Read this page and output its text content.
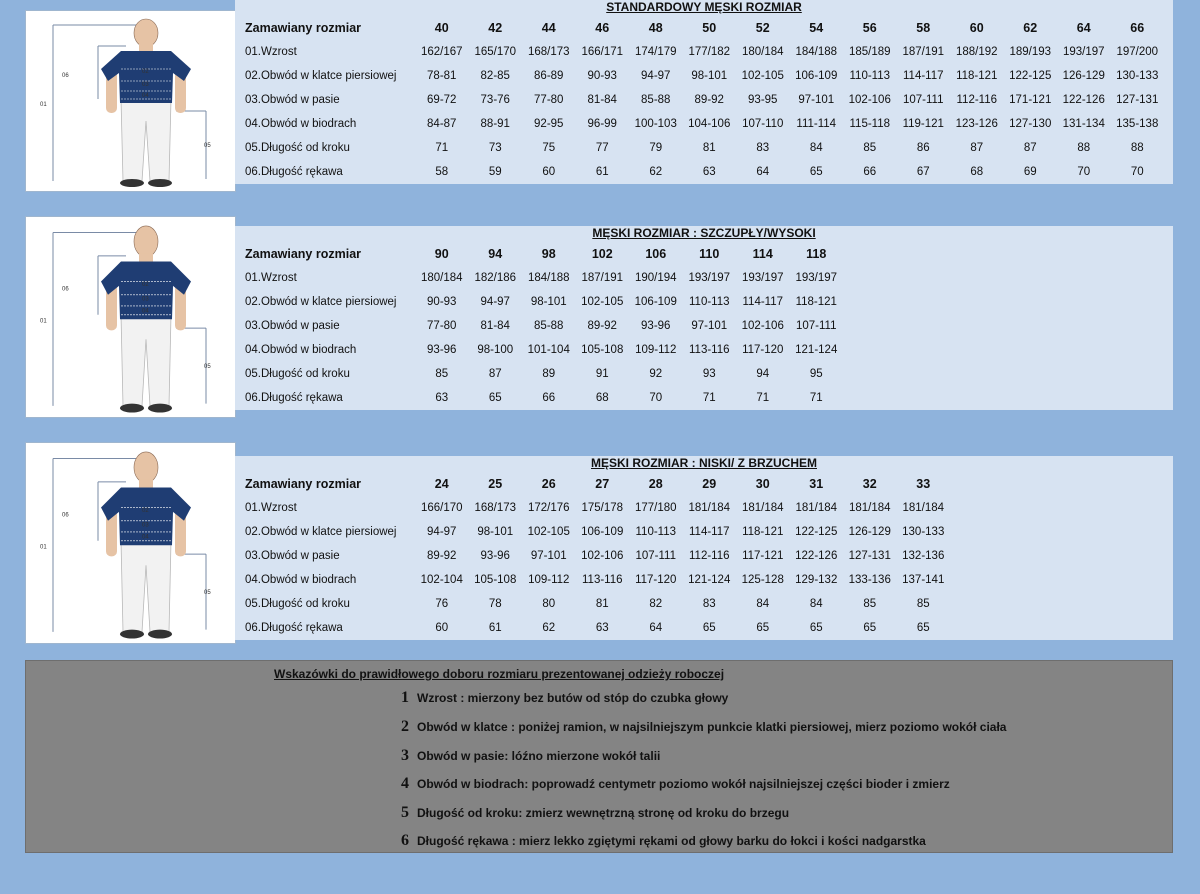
01
06
05
02
03
04
STANDARDOWY MĘSKI ROZMIAR
Zamawiany rozmiar	40	42	44	46	48	50	52	54	56	58	60	62	64	66
01.Wzrost	162/167	165/170	168/173	166/171	174/179	177/182	180/184	184/188	185/189	187/191	188/192	189/193	193/197	197/200
02.Obwód w klatce piersiowej	78-81	82-85	86-89	90-93	94-97	98-101	102-105 106-109	110-113	114-117	118-121	122-125 126-129 130-133
03.Obwód w pasie	69-72	73-76	77-80	81-84	85-88	89-92	93-95	97-101	102-106	107-111	112-116	171-121 122-126 127-131
04.Obwód w biodrach	84-87	88-91	92-95	96-99	100-103 104-106	107-110	111-114	115-118	119-121	123-126 127-130 131-134 135-138
05.Długość od kroku	71	73	75	77	79	81	83	84	85	86	87	87	88	88
06.Długość rękawa	58	59	60	61	62	63	64	65	66	67	68	69	70	70
01
06
05
02
03
04
MĘSKI ROZMIAR : SZCZUPŁY/WYSOKI
Zamawiany rozmiar	90	94	98	102	106	110	114	118
01.Wzrost	180/184	182/186	184/188	187/191	190/194	193/197	193/197	193/197
02.Obwód w klatce piersiowej	90-93	94-97	98-101	102-105 106-109	110-113	114-117	118-121
03.Obwód w pasie	77-80	81-84	85-88	89-92	93-96	97-101	102-106	107-111
04.Obwód w biodrach	93-96	98-100	101-104 105-108	109-112	113-116	117-120	121-124
05.Długość od kroku	85	87	89	91	92	93	94	95
06.Długość rękawa	63	65	66	68	70	71	71	71
01
06
05
02
03
04
MĘSKI ROZMIAR : NISKI/ Z BRZUCHEM
Zamawiany rozmiar	24	25	26	27	28	29	30	31	32	33
01.Wzrost	166/170	168/173	172/176	175/178	177/180	181/184	181/184	181/184	181/184	181/184
02.Obwód w klatce piersiowej	94-97	98-101	102-105 106-109	110-113	114-117	118-121	122-125 126-129 130-133
03.Obwód w pasie	89-92	93-96	97-101	102-106	107-111	112-116	117-121	122-126 127-131 132-136
04.Obwód w biodrach	102-104 105-108	109-112	113-116	117-120	121-124 125-128 129-132 133-136 137-141
05.Długość od kroku	76	78	80	81	82	83	84	84	85	85
06.Długość rękawa	60	61	62	63	64	65	65	65	65	65
Wskazówki do prawidłowego doboru rozmiaru prezentowanej odzieży roboczej
1 Wzrost : mierzony bez butów od stóp do czubka głowy
2 Obwód w klatce : poniżej ramion, w najsilniejszym punkcie klatki piersiowej, mierz poziomo wokół ciała
3 Obwód w pasie: lóźno mierzone wokół talii
4 Obwód w biodrach: poprowadź centymetr poziomo wokół najsilniejszej części bioder i zmierz
5 Długość od kroku: zmierz wewnętrzną stronę od kroku do brzegu
6 Długość rękawa : mierz lekko zgiętymi rękami od głowy barku do łokci i kości nadgarstka
